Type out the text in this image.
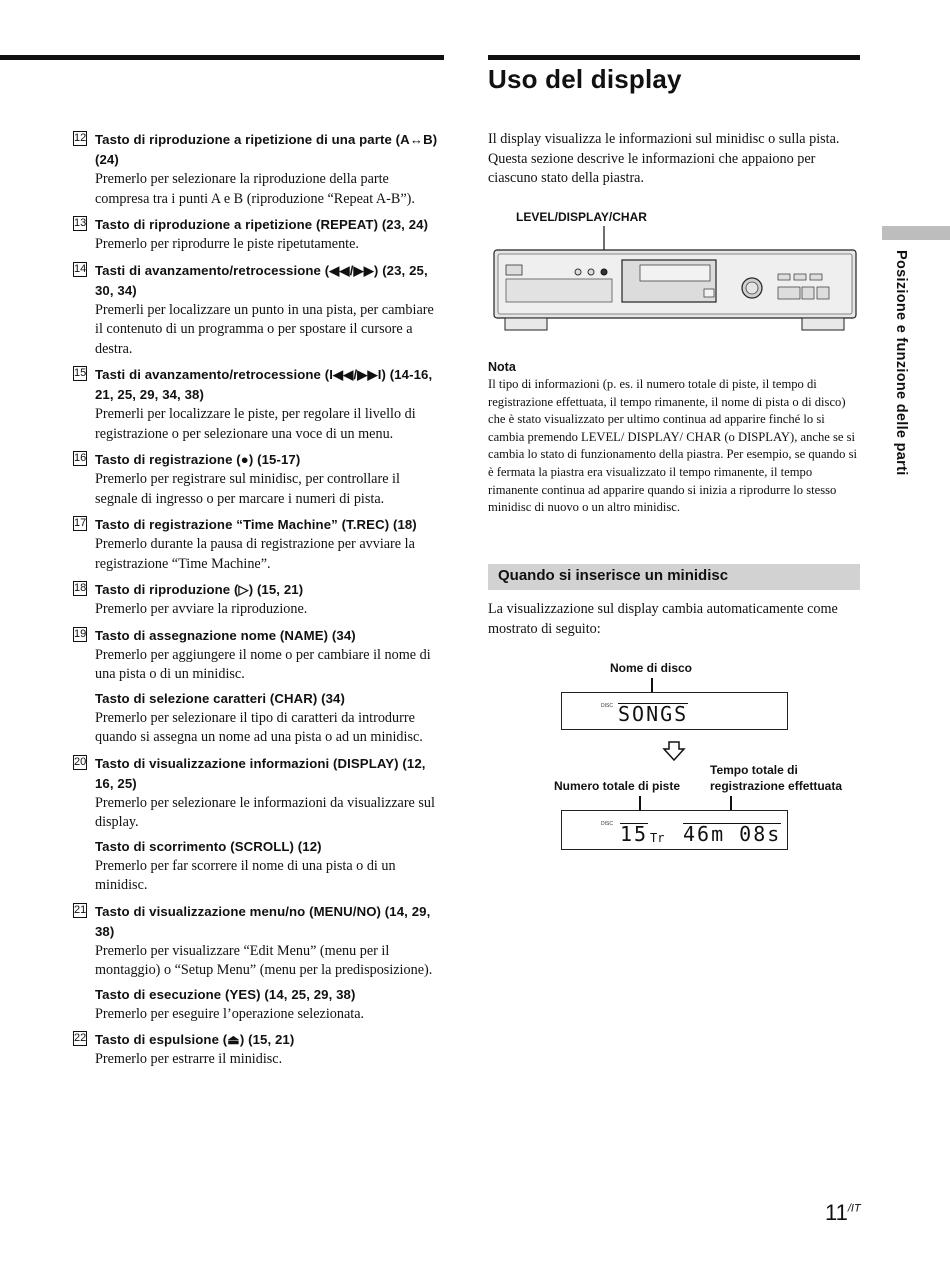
Uso del display
12 Tasto di riproduzione a ripetizione di una parte (A↔B) (24)
Premerlo per selezionare la riproduzione della parte compresa tra i punti A e B (riproduzione “Repeat A-B”).
13 Tasto di riproduzione a ripetizione (REPEAT) (23, 24)
Premerlo per riprodurre le piste ripetutamente.
14 Tasti di avanzamento/retrocessione (◀◀/▶▶) (23, 25, 30, 34)
Premerli per localizzare un punto in una pista, per cambiare il contenuto di un programma o per spostare il cursore a destra.
15 Tasti di avanzamento/retrocessione (I◀◀/▶▶I) (14-16, 21, 25, 29, 34, 38)
Premerli per localizzare le piste, per regolare il livello di registrazione o per selezionare una voce di un menu.
16 Tasto di registrazione (●) (15-17)
Premerlo per registrare sul minidisc, per controllare il segnale di ingresso o per marcare i numeri di pista.
17 Tasto di registrazione “Time Machine” (T.REC) (18)
Premerlo durante la pausa di registrazione per avviare la registrazione “Time Machine”.
18 Tasto di riproduzione (▷) (15, 21)
Premerlo per avviare la riproduzione.
19 Tasto di assegnazione nome (NAME) (34)
Premerlo per aggiungere il nome o per cambiare il nome di una pista o di un minidisc.
Tasto di selezione caratteri (CHAR) (34)
Premerlo per selezionare il tipo di caratteri da introdurre quando si assegna un nome ad una pista o ad un minidisc.
20 Tasto di visualizzazione informazioni (DISPLAY) (12, 16, 25)
Premerlo per selezionare le informazioni da visualizzare sul display.
Tasto di scorrimento (SCROLL) (12)
Premerlo per far scorrere il nome di una pista o di un minidisc.
21 Tasto di visualizzazione menu/no (MENU/NO) (14, 29, 38)
Premerlo per visualizzare “Edit Menu” (menu per il montaggio) o “Setup Menu” (menu per la predisposizione).
Tasto di esecuzione (YES) (14, 25, 29, 38)
Premerlo per eseguire l’operazione selezionata.
22 Tasto di espulsione (⏏) (15, 21)
Premerlo per estrarre il minidisc.
Il display visualizza le informazioni sul minidisc o sulla pista. Questa sezione descrive le informazioni che appaiono per ciascuno stato della piastra.
LEVEL/DISPLAY/CHAR
Nota
Il tipo di informazioni (p. es. il numero totale di piste, il tempo di registrazione effettuata, il tempo rimanente, il nome di pista o di disco) che è stato visualizzato per ultimo continua ad apparire finché lo si cambia premendo LEVEL/ DISPLAY/ CHAR (o DISPLAY), anche se si cambia lo stato di funzionamento della piastra. Per esempio, se quando si è fermata la piastra era visualizzato il tempo rimanente, il tempo rimanente continua ad apparire quando si inizia a riprodurre lo stesso minidisc di nuovo o un altro minidisc.
Quando si inserisce un minidisc
La visualizzazione sul display cambia automaticamente come mostrato di seguito:
Nome di disco
DISC SONGS
Numero totale di piste
Tempo totale di
registrazione effettuata
DISC 15 Tr 46m 08s
Posizione e funzione delle parti
$11^{/IT}$
